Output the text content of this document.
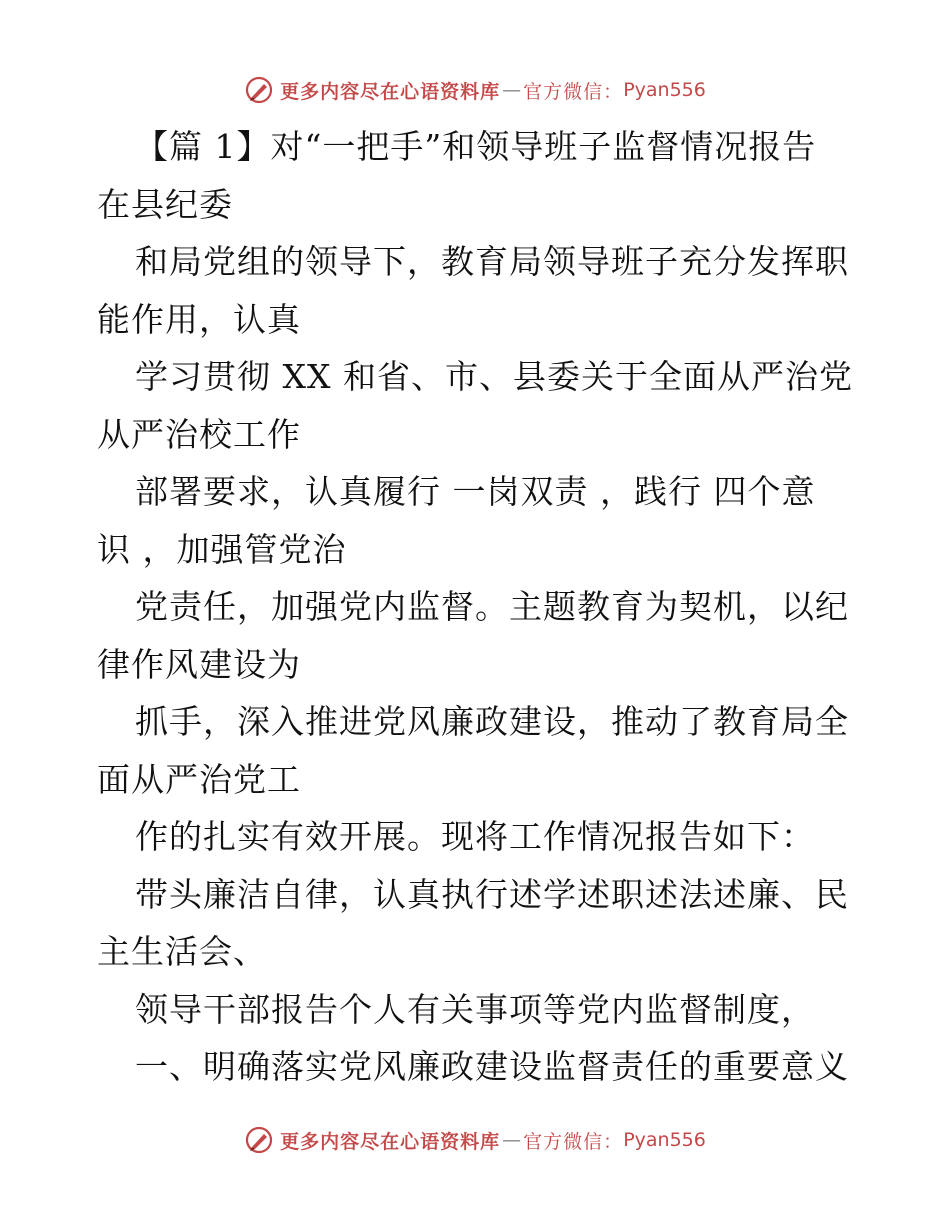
更多内容尽在心语资料库 — 官方微信： Pyan556
【篇 1】对“一把手”和领导班子监督情况报告
在县纪委
和局党组的领导下，教育局领导班子充分发挥职
能作用，认真
学习贯彻 XX 和省、市、县委关于全面从严治党
从严治校工作
部署要求，认真履行 一岗双责 ，践行 四个意
识 ，加强管党治
党责任，加强党内监督。主题教育为契机，以纪
律作风建设为
抓手，深入推进党风廉政建设，推动了教育局全
面从严治党工
作的扎实有效开展。现将工作情况报告如下：
带头廉洁自律，认真执行述学述职述法述廉、民
主生活会、
领导干部报告个人有关事项等党内监督制度，
一、明确落实党风廉政建设监督责任的重要意义
更多内容尽在心语资料库 — 官方微信： Pyan556
